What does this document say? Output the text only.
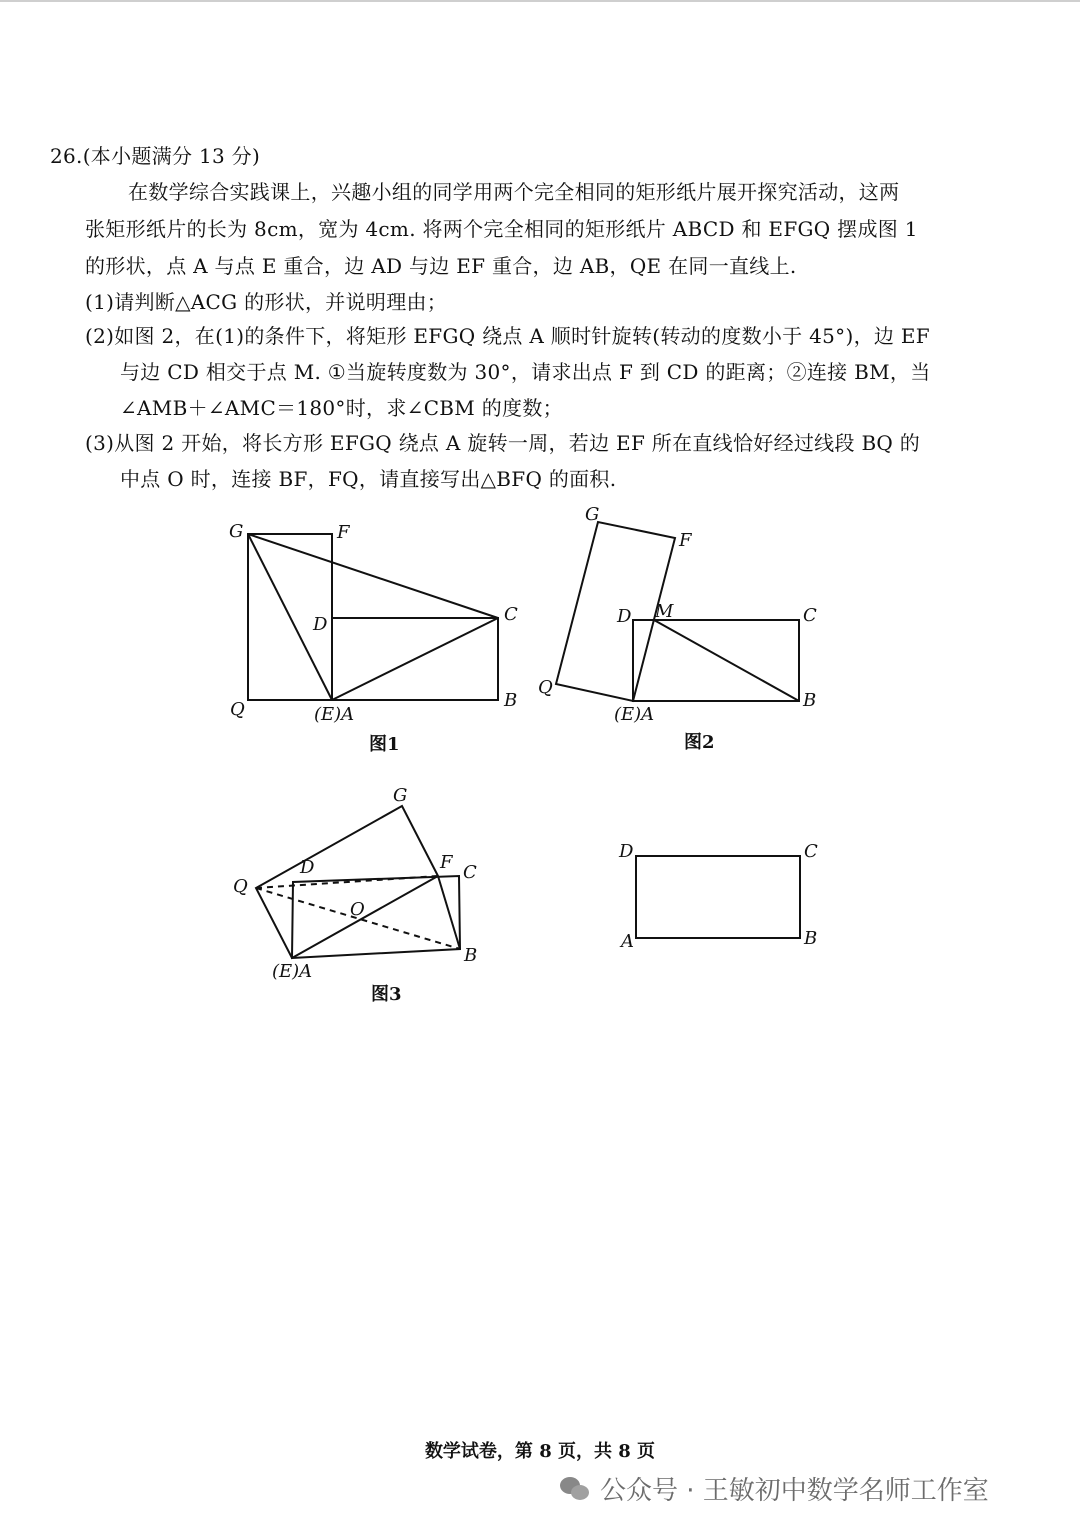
26.(本小题满分 13 分)
在数学综合实践课上，兴趣小组的同学用两个完全相同的矩形纸片展开探究活动，这两
张矩形纸片的长为 8cm，宽为 4cm. 将两个完全相同的矩形纸片 ABCD 和 EFGQ 摆成图 1
的形状，点 A 与点 E 重合，边 AD 与边 EF 重合，边 AB，QE 在同一直线上.
(1)请判断△ACG 的形状，并说明理由；
(2)如图 2，在(1)的条件下，将矩形 EFGQ 绕点 A 顺时针旋转(转动的度数小于 45°)，边 EF
与边 CD 相交于点 M. ①当旋转度数为 30°，请求出点 F 到 CD 的距离；②连接 BM，当
∠AMB＋∠AMC＝180°时，求∠CBM 的度数；
(3)从图 2 开始，将长方形 EFGQ 绕点 A 旋转一周，若边 EF 所在直线恰好经过线段 BQ 的
中点 O 时，连接 BF，FQ，请直接写出△BFQ 的面积.
G	F
D	C
Q	(E)A
B
图1
G
F
D M	C
Q
(E)A
B
图2
G
D	F C
Q
O
(E)A
B
图3
D	C
A	B
数学试卷，第 8 页，共 8 页
公众号 · 王敏初中数学名师工作室
